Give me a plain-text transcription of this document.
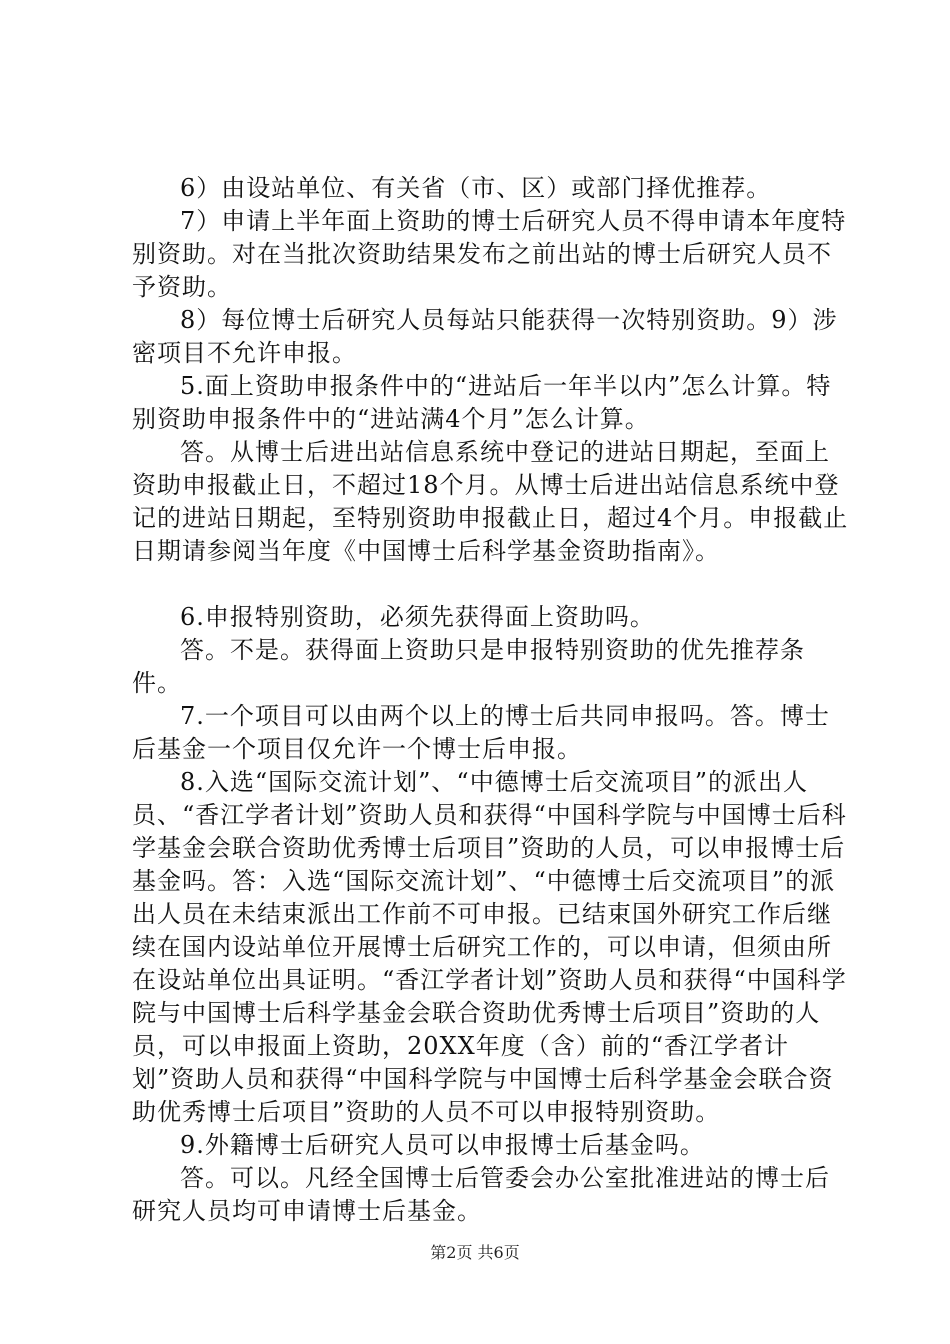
6）由设站单位、有关省（市、区）或部门择优推荐。

7）申请上半年面上资助的博士后研究人员不得申请本年度特别资助。对在当批次资助结果发布之前出站的博士后研究人员不予资助。

8）每位博士后研究人员每站只能获得一次特别资助。9）涉密项目不允许申报。

5.面上资助申报条件中的“进站后一年半以内”怎么计算。特别资助申报条件中的“进站满4个月”怎么计算。

答。从博士后进出站信息系统中登记的进站日期起，至面上资助申报截止日，不超过18个月。从博士后进出站信息系统中登记的进站日期起，至特别资助申报截止日，超过4个月。申报截止日期请参阅当年度《中国博士后科学基金资助指南》。

6.申报特别资助，必须先获得面上资助吗。

答。不是。获得面上资助只是申报特别资助的优先推荐条件。

7.一个项目可以由两个以上的博士后共同申报吗。答。博士后基金一个项目仅允许一个博士后申报。

8.入选“国际交流计划”、“中德博士后交流项目”的派出人员、“香江学者计划”资助人员和获得“中国科学院与中国博士后科学基金会联合资助优秀博士后项目”资助的人员，可以申报博士后基金吗。答：入选“国际交流计划”、“中德博士后交流项目”的派出人员在未结束派出工作前不可申报。已结束国外研究工作后继续在国内设站单位开展博士后研究工作的，可以申请，但须由所在设站单位出具证明。“香江学者计划”资助人员和获得“中国科学院与中国博士后科学基金会联合资助优秀博士后项目”资助的人员，可以申报面上资助，20XX年度（含）前的“香江学者计划”资助人员和获得“中国科学院与中国博士后科学基金会联合资助优秀博士后项目”资助的人员不可以申报特别资助。

9.外籍博士后研究人员可以申报博士后基金吗。

答。可以。凡经全国博士后管委会办公室批准进站的博士后研究人员均可申请博士后基金。

第2页 共6页
